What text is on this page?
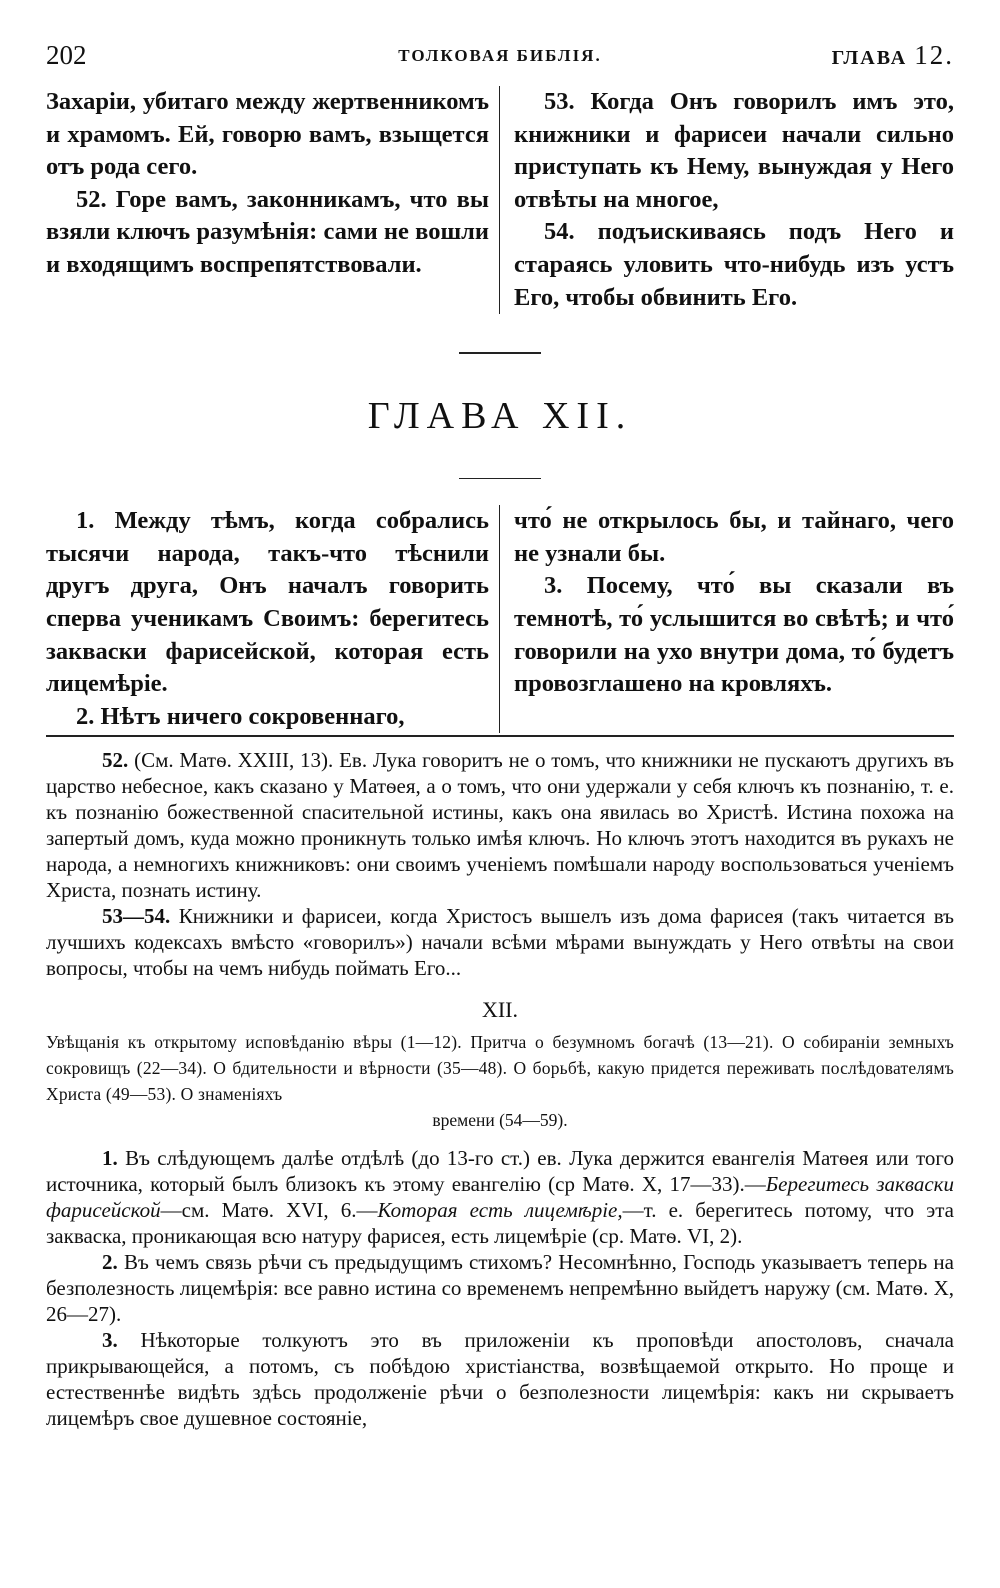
202	ТОЛКОВАЯ БИБЛІЯ.	ГЛАВА 12.

Захаріи, убитаго между жертвенникомъ и храмомъ. Ей, говорю вамъ, взыщется отъ рода сего.

52. Горе вамъ, законникамъ, что вы взяли ключъ разумѣнія: сами не вошли и входящимъ воспрепятствовали.

53. Когда Онъ говорилъ имъ это, книжники и фарисеи начали сильно приступать къ Нему, вынуждая у Него отвѣты на многое,

54. подъискиваясь подъ Него и стараясь уловить что-нибудь изъ устъ Его, чтобы обвинить Его.

ГЛАВА XII.

1. Между тѣмъ, когда собрались тысячи народа, такъ-что тѣснили другъ друга, Онъ началъ говорить сперва ученикамъ Своимъ: берегитесь закваски фарисейской, которая есть лицемѣріе.

2. Нѣтъ ничего сокровеннаго,

что́ не открылось бы, и тайнаго, чего не узнали бы.

3. Посему, что́ вы сказали въ темнотѣ, то́ услышится во свѣтѣ; и что́ говорили на ухо внутри дома, то́ будетъ провозглашено на кровляхъ.

52. (См. Матѳ. XXIII, 13). Ев. Лука говоритъ не о томъ, что книжники не пускаютъ другихъ въ царство небесное, какъ сказано у Матѳея, а о томъ, что они удержали у себя ключъ къ познанію, т. е. къ познанію божественной спасительной истины, какъ она явилась во Христѣ. Истина похожа на запертый домъ, куда можно проникнуть только имѣя ключъ. Но ключъ этотъ находится въ рукахъ не народа, а немногихъ книжниковъ: они своимъ ученіемъ помѣшали народу воспользоваться ученіемъ Христа, познать истину.

53—54. Книжники и фарисеи, когда Христосъ вышелъ изъ дома фарисея (такъ читается въ лучшихъ кодексахъ вмѣсто «говорилъ») начали всѣми мѣрами вынуждать у Него отвѣты на свои вопросы, чтобы на чемъ нибудь поймать Его...

XII.

Увѣщанія къ открытому исповѣданію вѣры (1—12). Притча о безумномъ богачѣ (13—21). О собираніи земныхъ сокровищъ (22—34). О бдительности и вѣрности (35—48). О борьбѣ, какую придется переживать послѣдователямъ Христа (49—53). О знаменіяхъ

времени (54—59).

1. Въ слѣдующемъ далѣе отдѣлѣ (до 13-го ст.) ев. Лука держится евангелія Матѳея или того источника, который былъ близокъ къ этому евангелію (ср Матѳ. X, 17—33).—Берегитесь закваски фарисейской—см. Матѳ. XVI, 6.—Которая есть лицемѣріе,—т. е. берегитесь потому, что эта закваска, проникающая всю натуру фарисея, есть лицемѣріе (ср. Матѳ. VI, 2).

2. Въ чемъ связь рѣчи съ предыдущимъ стихомъ? Несомнѣнно, Господь указываетъ теперь на безполезность лицемѣрія: все равно истина со временемъ непремѣнно выйдетъ наружу (см. Матѳ. X, 26—27).

3. Нѣкоторые толкуютъ это въ приложеніи къ проповѣди апостоловъ, сначала прикрывающейся, а потомъ, съ побѣдою христіанства, возвѣщаемой открыто. Но проще и естественнѣе видѣть здѣсь продолженіе рѣчи о безполезности лицемѣрія: какъ ни скрываетъ лицемѣръ свое душевное состояніе,
